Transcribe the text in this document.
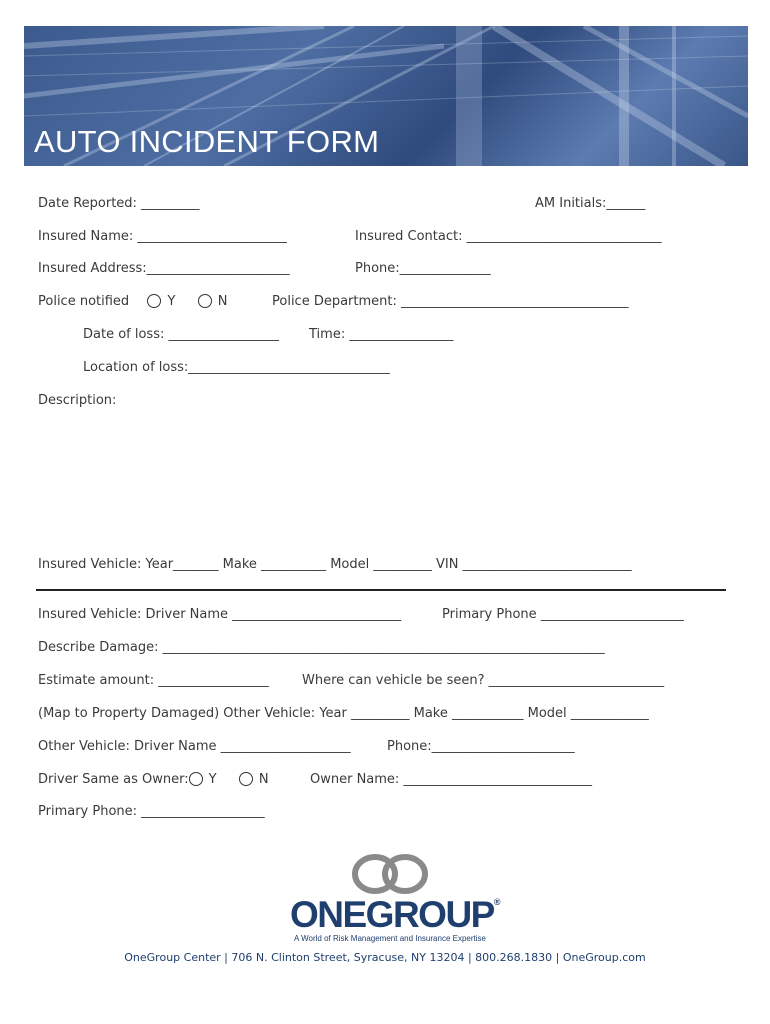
AUTO INCIDENT FORM
Date Reported: _________	AM Initials:______
Insured Name: _______________________	Insured Contact: ______________________________
Insured Address:______________________	Phone:______________
Police notified	Y	N	Police Department: ___________________________________
Date of loss: _________________ Time: ________________
Location of loss:_______________________________
Description:
Insured Vehicle: Year_______ Make __________ Model _________ VIN __________________________
Insured Vehicle: Driver Name __________________________	Primary Phone ______________________
Describe Damage: ____________________________________________________________________
Estimate amount: _________________	Where can vehicle be seen? ___________________________
(Map to Property Damaged) Other Vehicle: Year _________ Make ___________ Model ____________
Other Vehicle: Driver Name ____________________	Phone:______________________
Driver Same as Owner: Y	N	Owner Name: _____________________________
Primary Phone: ___________________
ONEGROUP®
A World of Risk Management and Insurance Expertise
OneGroup Center | 706 N. Clinton Street, Syracuse, NY 13204 | 800.268.1830 | OneGroup.com
